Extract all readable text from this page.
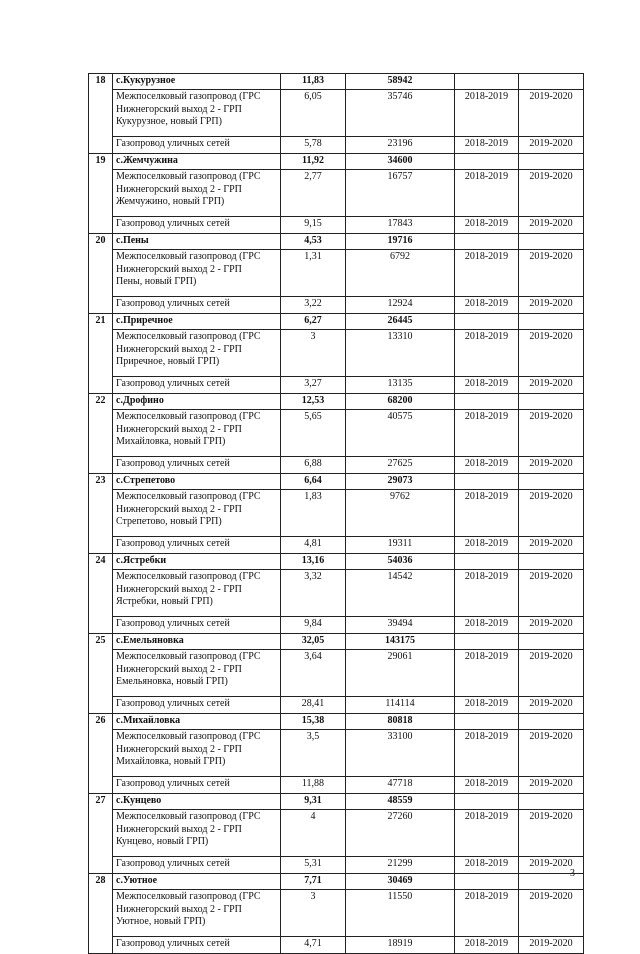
18	с.Кукурузное	11,83	58942		

	Межпоселковый газопровод (ГРС
Нижнегорский выход 2 - ГРП
Кукурузное, новый ГРП)	6,05	35746	2018-2019	2019-2020
	Газопровод уличных сетей	5,78	23196	2018-2019	2019-2020
19	с.Жемчужина	11,92	34600		

	Межпоселковый газопровод (ГРС
Нижнегорский выход 2 - ГРП
Жемчужино, новый ГРП)	2,77	16757	2018-2019	2019-2020
	Газопровод уличных сетей	9,15	17843	2018-2019	2019-2020
20	с.Пены	4,53	19716		

	Межпоселковый газопровод (ГРС
Нижнегорский выход 2 - ГРП
Пены, новый ГРП)	1,31	6792	2018-2019	2019-2020
	Газопровод уличных сетей	3,22	12924	2018-2019	2019-2020
21	с.Приречное	6,27	26445		

	Межпоселковый газопровод (ГРС
Нижнегорский выход 2 - ГРП
Приречное, новый ГРП)	3	13310	2018-2019	2019-2020
	Газопровод уличных сетей	3,27	13135	2018-2019	2019-2020
22	с.Дрофино	12,53	68200		

	Межпоселковый газопровод (ГРС
Нижнегорский выход 2 - ГРП
Михайловка, новый ГРП)	5,65	40575	2018-2019	2019-2020
	Газопровод уличных сетей	6,88	27625	2018-2019	2019-2020
23	с.Стрепетово	6,64	29073		

	Межпоселковый газопровод (ГРС
Нижнегорский выход 2 - ГРП
Стрепетово, новый ГРП)	1,83	9762	2018-2019	2019-2020
	Газопровод уличных сетей	4,81	19311	2018-2019	2019-2020
24	с.Ястребки	13,16	54036		

	Межпоселковый газопровод (ГРС
Нижнегорский выход 2 - ГРП
Ястребки, новый ГРП)	3,32	14542	2018-2019	2019-2020
	Газопровод уличных сетей	9,84	39494	2018-2019	2019-2020
25	с.Емельяновка	32,05	143175		

	Межпоселковый газопровод (ГРС
Нижнегорский выход 2 - ГРП
Емельяновка, новый ГРП)	3,64	29061	2018-2019	2019-2020
	Газопровод уличных сетей	28,41	114114	2018-2019	2019-2020
26	с.Михайловка	15,38	80818		

	Межпоселковый газопровод (ГРС
Нижнегорский выход 2 - ГРП
Михайловка, новый ГРП)	3,5	33100	2018-2019	2019-2020
	Газопровод уличных сетей	11,88	47718	2018-2019	2019-2020
27	с.Кунцево	9,31	48559		

	Межпоселковый газопровод (ГРС
Нижнегорский выход 2 - ГРП
Кунцево, новый ГРП)	4	27260	2018-2019	2019-2020
	Газопровод уличных сетей	5,31	21299	2018-2019	2019-2020
28	с.Уютное	7,71	30469		

	Межпоселковый газопровод (ГРС
Нижнегорский выход 2 - ГРП
Уютное, новый ГРП)	3	11550	2018-2019	2019-2020
	Газопровод уличных сетей	4,71	18919	2018-2019	2019-2020
3
